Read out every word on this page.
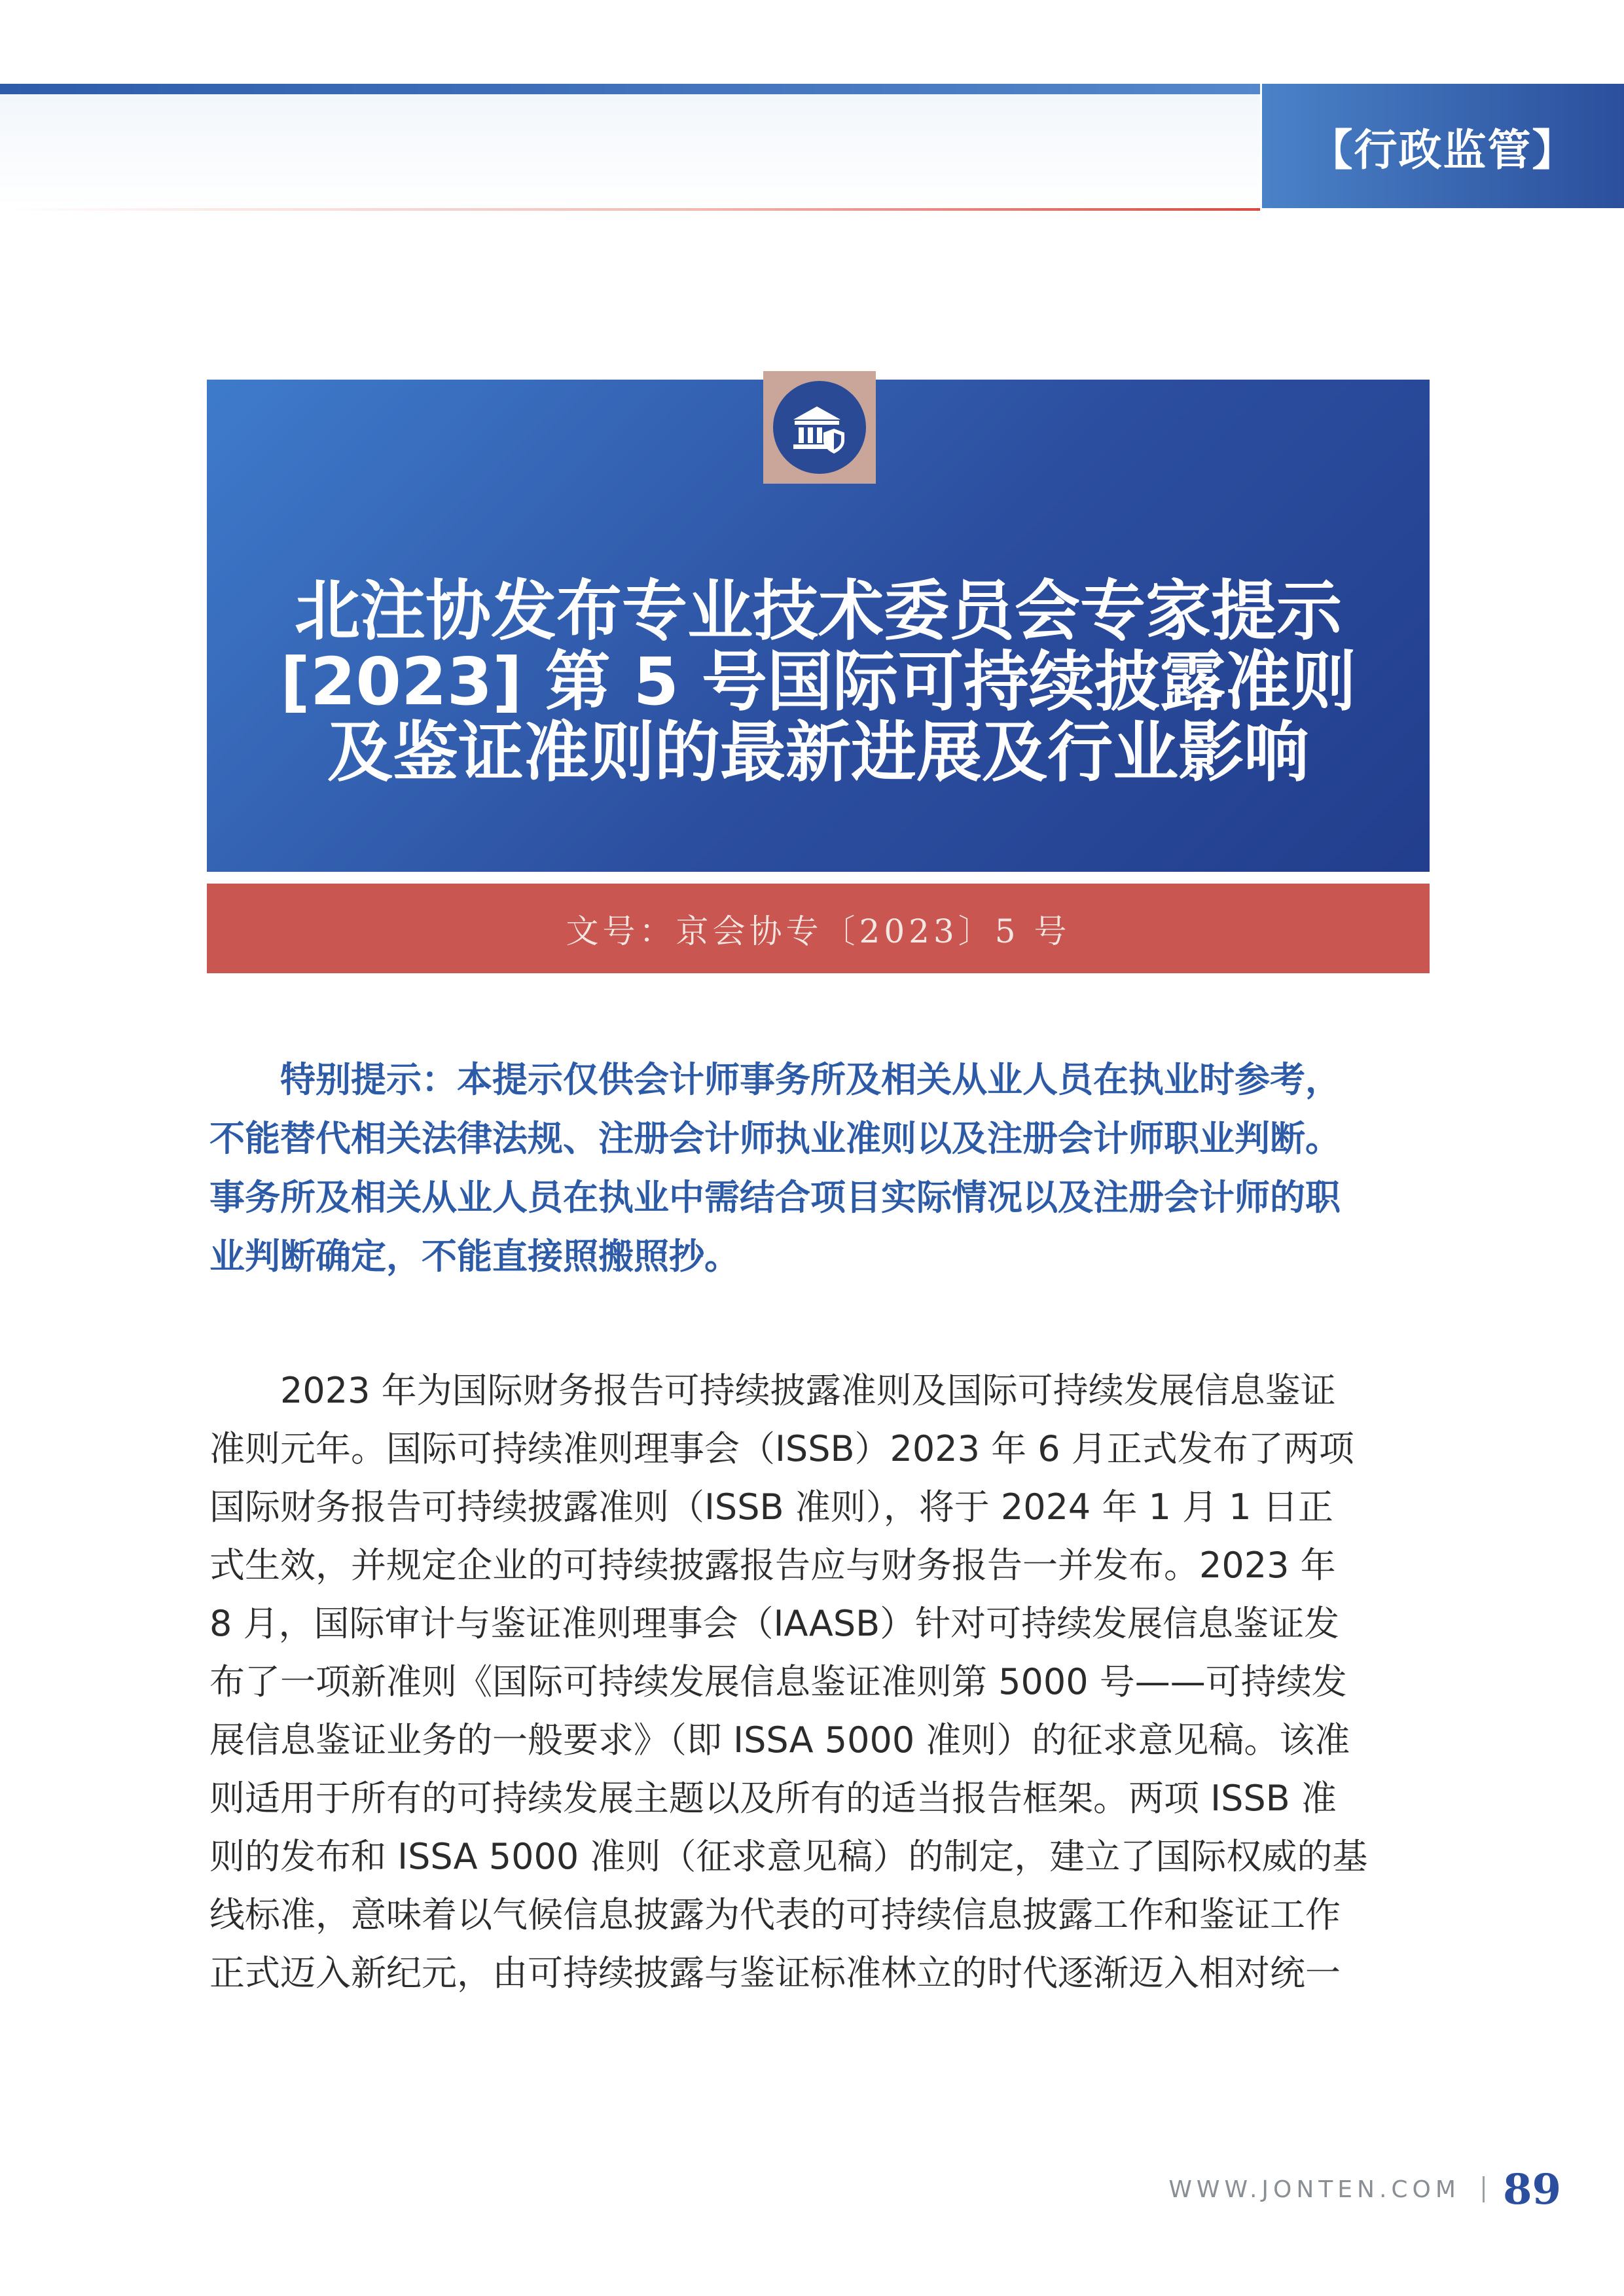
【行政监管】
北注协发布专业技术委员会专家提示
[2023] 第 5 号国际可持续披露准则
及鉴证准则的最新进展及行业影响
文号：京会协专〔2023〕5 号
　　特别提示：本提示仅供会计师事务所及相关从业人员在执业时参考，
不能替代相关法律法规、注册会计师执业准则以及注册会计师职业判断。
事务所及相关从业人员在执业中需结合项目实际情况以及注册会计师的职
业判断确定，不能直接照搬照抄。
　　2023 年为国际财务报告可持续披露准则及国际可持续发展信息鉴证
准则元年。国际可持续准则理事会（ISSB）2023 年 6 月正式发布了两项
国际财务报告可持续披露准则（ISSB 准则），将于 2024 年 1 月 1 日正
式生效，并规定企业的可持续披露报告应与财务报告一并发布。2023 年
8 月，国际审计与鉴证准则理事会（IAASB）针对可持续发展信息鉴证发
布了一项新准则《国际可持续发展信息鉴证准则第 5000 号——可持续发
展信息鉴证业务的一般要求》（即 ISSA 5000 准则）的征求意见稿。该准
则适用于所有的可持续发展主题以及所有的适当报告框架。两项 ISSB 准
则的发布和 ISSA 5000 准则（征求意见稿）的制定，建立了国际权威的基
线标准，意味着以气候信息披露为代表的可持续信息披露工作和鉴证工作
正式迈入新纪元，由可持续披露与鉴证标准林立的时代逐渐迈入相对统一
WWW.JONTEN.COM 89
